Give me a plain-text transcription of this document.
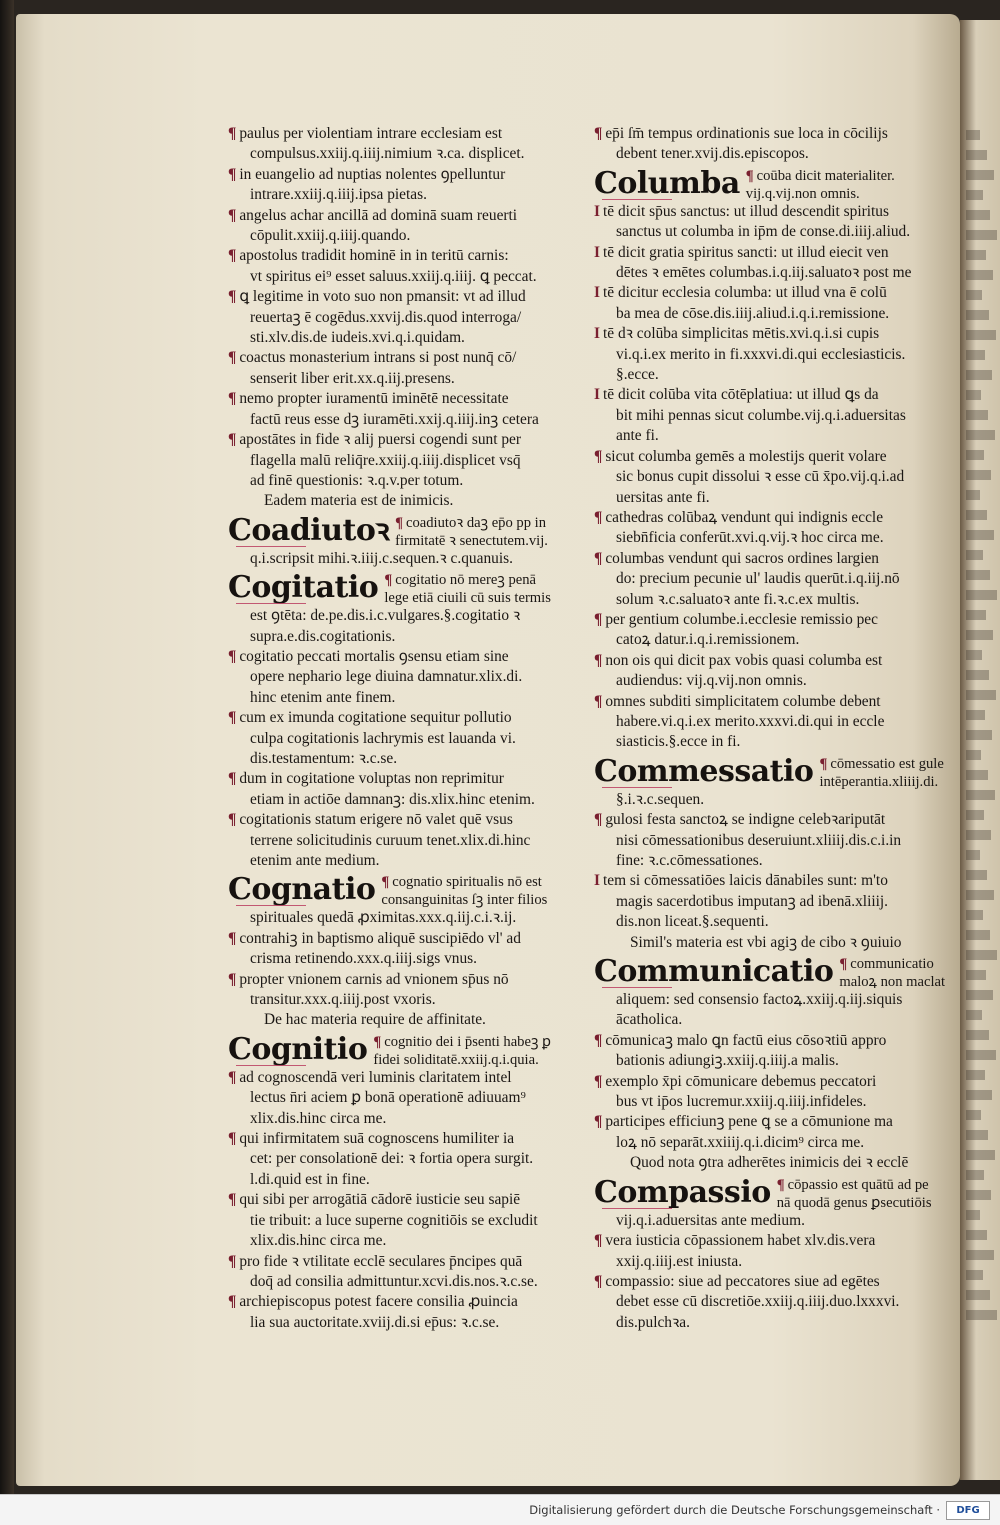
¶ paulus per violentiam intrare ecclesiam est

compulsus.xxiij.q.iiij.nimium ꝛ.ca. displicet.

¶ in euangelio ad nuptias nolentes ꝯpelluntur

intrare.xxiij.q.iiij.ipsa pietas.

¶ angelus achar ancillā ad dominā suam reuerti

cōpulit.xxiij.q.iiij.quando.

¶ apostolus tradidit hominē in in teritū carnis:

vt spiritus ei⁹ esset saluus.xxiij.q.iiij. ꝗ peccat.

¶ ꝗ legitime in voto suo non pmansit: vt ad illud

reuertaꝫ ē cogēdus.xxvij.dis.quod interroga/

sti.xlv.dis.de iudeis.xvi.q.i.quidam.

¶ coactus monasterium intrans si post nunq̄ cō/

senserit liber erit.xx.q.iij.presens.

¶ nemo propter iuramentū iminētē necessitate

factū reus esse dꝫ iuramēti.xxij.q.iiij.inꝫ cetera

¶ apostātes in fide ꝛ alij puersi cogendi sunt per

flagella malū reliq̄re.xxiij.q.iiij.displicet vsq̄

ad finē questionis: ꝛ.q.v.per totum.

Eadem materia est de inimicis.

Coadiutoꝛ ¶ coadiutoꝛ daꝫ ep̄o pp in
firmitatē ꝛ senectutem.vij.

q.i.scripsit mihi.ꝛ.iiij.c.sequen.ꝛ c.quanuis.

Cogitatio ¶ cogitatio nō mereꝫ penā
lege etiā ciuili cū suis termis

est ꝯtēta: de.pe.dis.i.c.vulgares.§.cogitatio ꝛ

supra.e.dis.cogitationis.

¶ cogitatio peccati mortalis ꝯsensu etiam sine

opere nephario lege diuina damnatur.xlix.di.

hinc etenim ante finem.

¶ cum ex imunda cogitatione sequitur pollutio

culpa cogitationis lachrymis est lauanda vi.

dis.testamentum: ꝛ.c.se.

¶ dum in cogitatione voluptas non reprimitur

etiam in actiōe damnanꝫ: dis.xlix.hinc etenim.

¶ cogitationis statum erigere nō valet quē vsus

terrene solicitudinis curuum tenet.xlix.di.hinc

etenim ante medium.

Cognatio ¶ cognatio spiritualis nō est
consanguinitas ſꝫ inter filios

spirituales quedā ꝓximitas.xxx.q.iij.c.i.ꝛ.ij.

¶ contrahiꝫ in baptismo aliquē suscipiēdo vl' ad

crisma retinendo.xxx.q.iiij.sigs vnus.

¶ propter vnionem carnis ad vnionem sp̄us nō

transitur.xxx.q.iiij.post vxoris.

De hac materia require de affinitate.

Cognitio ¶ cognitio dei i p̄senti habeꝫ ꝑ
fidei soliditatē.xxiij.q.i.quia.

¶ ad cognoscendā veri luminis claritatem intel

lectus n̄ri aciem ꝑ bonā operationē adiuuam⁹

xlix.dis.hinc circa me.

¶ qui infirmitatem suā cognoscens humiliter ia

cet: per consolationē dei: ꝛ fortia opera surgit.

l.di.quid est in fine.

¶ qui sibi per arrogātiā cādorē iusticie seu sapiē

tie tribuit: a luce superne cognitiōis se excludit

xlix.dis.hinc circa me.

¶ pro fide ꝛ vtilitate ecclē seculares p̄ncipes quā

doq̄ ad consilia admittuntur.xcvi.dis.nos.ꝛ.c.se.

¶ archiepiscopus potest facere consilia ꝓuincia

lia sua auctoritate.xviij.di.si ep̄us: ꝛ.c.se.

¶ ep̄i ſm̄ tempus ordinationis sue loca in cōcilijs

debent tener.xvij.dis.episcopos.

Columba ¶ coūba dicit materialiter.
vij.q.vij.non omnis.

I tē dicit sp̄us sanctus: ut illud descendit spiritus

sanctus ut columba in ip̄m de conse.di.iiij.aliud.

I tē dicit gratia spiritus sancti: ut illud eiecit ven

dētes ꝛ emētes columbas.i.q.iij.saluatoꝛ post me

I tē dicitur ecclesia columba: ut illud vna ē colū

ba mea de cōse.dis.iiij.aliud.i.q.i.remissione.

I tē dꝛ colūba simplicitas mētis.xvi.q.i.si cupis

vi.q.i.ex merito in fi.xxxvi.di.qui ecclesiasticis.

§.ecce.

I tē dicit colūba vita cōtēplatiua: ut illud ꝗs da

bit mihi pennas sicut columbe.vij.q.i.aduersitas

ante fi.

¶ sicut columba gemēs a molestijs querit volare

sic bonus cupit dissolui ꝛ esse cū x̄po.vij.q.i.ad

uersitas ante fi.

¶ cathedras colūbaꝝ vendunt qui indignis eccle

siebn̄ficia conferūt.xvi.q.vij.ꝛ hoc circa me.

¶ columbas vendunt qui sacros ordines largien

do: precium pecunie ul' laudis querūt.i.q.iij.nō

solum ꝛ.c.saluatoꝛ ante fi.ꝛ.c.ex multis.

¶ per gentium columbe.i.ecclesie remissio pec

catoꝝ datur.i.q.i.remissionem.

¶ non ois qui dicit pax vobis quasi columba est

audiendus: vij.q.vij.non omnis.

¶ omnes subditi simplicitatem columbe debent

habere.vi.q.i.ex merito.xxxvi.di.qui in eccle

siasticis.§.ecce in fi.

Commessatio ¶ cōmessatio est gule
intēperantia.xliiij.di.

§.i.ꝛ.c.sequen.

¶ gulosi festa sanctoꝝ se indigne celebꝛariputāt

nisi cōmessationibus deseruiunt.xliiij.dis.c.i.in

fine: ꝛ.c.cōmessationes.

I tem si cōmessatiōes laicis dānabiles sunt: m'to

magis sacerdotibus imputanꝫ ad ibenā.xliiij.

dis.non liceat.§.sequenti.

Simil's materia est vbi agiꝫ de cibo ꝛ ꝯuiuio

Communicatio ¶ communicatio
maloꝝ non maclat

aliquem: sed consensio factoꝝ.xxiij.q.iij.siquis

ācatholica.

¶ cōmunicaꝫ malo ꝗn factū eius cōsoꝛtiū appro

bationis adiungiꝫ.xxiij.q.iiij.a malis.

¶ exemplo x̄pi cōmunicare debemus peccatori

bus vt ip̄os lucremur.xxiij.q.iiij.infideles.

¶ participes efficiunꝫ pene ꝗ se a cōmunione ma

loꝝ nō separāt.xxiiij.q.i.dicim⁹ circa me.

Quod nota ꝯtra adherētes inimicis dei ꝛ ecclē

Compassio ¶ cōpassio est quātū ad pe
nā quodā genus ꝑsecutiōis

vij.q.i.aduersitas ante medium.

¶ vera iusticia cōpassionem habet xlv.dis.vera

xxij.q.iiij.est iniusta.

¶ compassio: siue ad peccatores siue ad egētes

debet esse cū discretiōe.xxiij.q.iiij.duo.lxxxvi.

dis.pulchꝛa.

Digitalisierung gefördert durch die Deutsche Forschungsgemeinschaft ·	DFG
